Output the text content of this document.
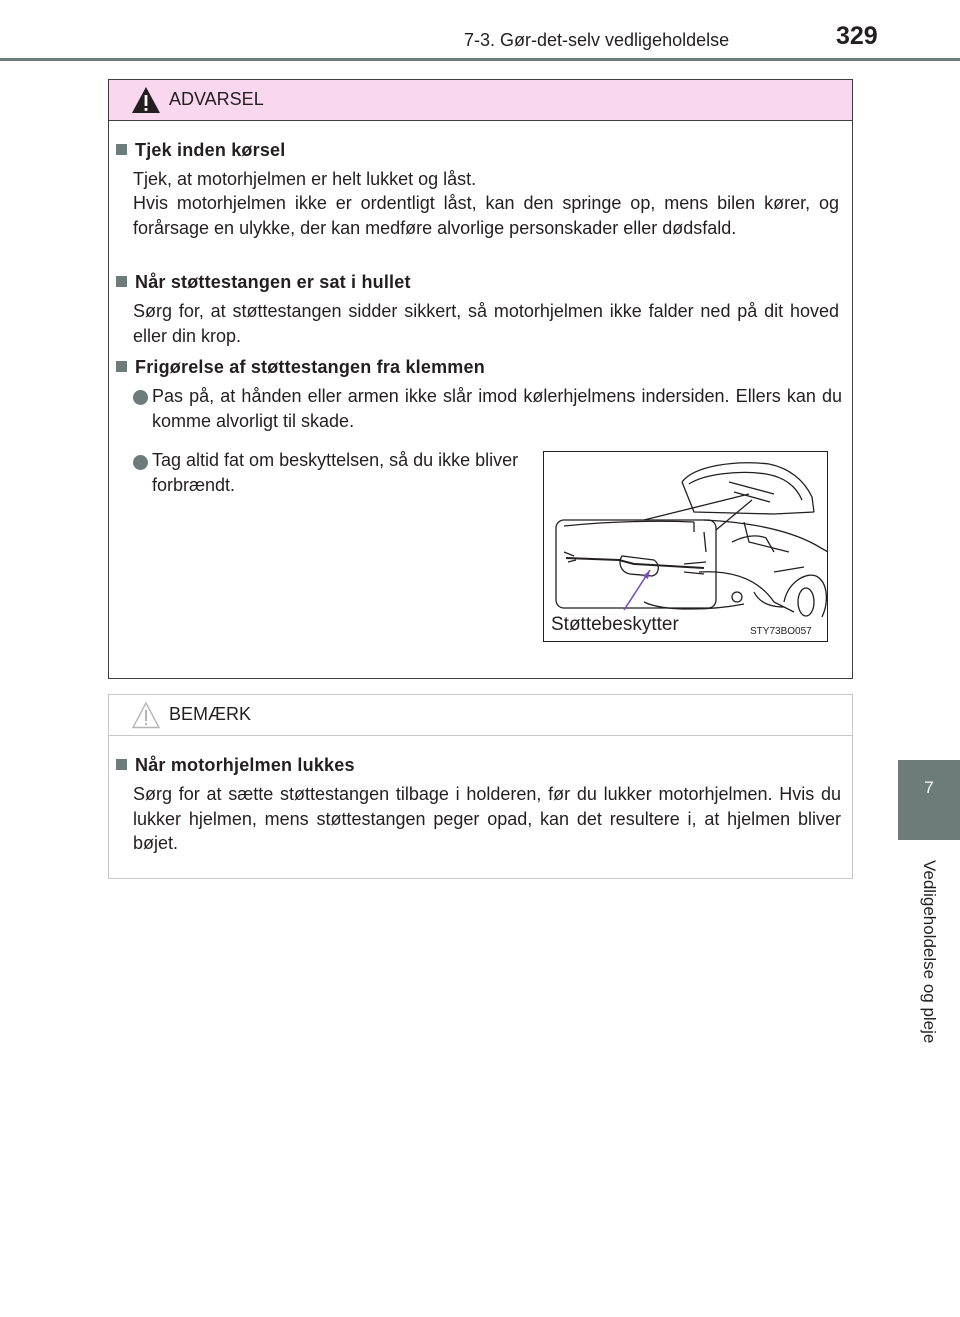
7-3. Gør-det-selv vedligeholdelse	329
7
Vedligeholdelse og pleje
ADVARSEL
Tjek inden kørsel
Tjek, at motorhjelmen er helt lukket og låst.
Hvis motorhjelmen ikke er ordentligt låst, kan den springe op, mens bilen kører, og forårsage en ulykke, der kan medføre alvorlige personskader eller dødsfald.
Når støttestangen er sat i hullet
Sørg for, at støttestangen sidder sikkert, så motorhjelmen ikke falder ned på dit hoved eller din krop.
Frigørelse af støttestangen fra klemmen
Pas på, at hånden eller armen ikke slår imod kølerhjelmens indersiden. Ellers kan du komme alvorligt til skade.
Tag altid fat om beskyttelsen, så du ikke bliver forbrændt.
Støttebeskytter	STY73BO057
BEMÆRK
Når motorhjelmen lukkes
Sørg for at sætte støttestangen tilbage i holderen, før du lukker motorhjelmen. Hvis du lukker hjelmen, mens støttestangen peger opad, kan det resultere i, at hjelmen bliver bøjet.
